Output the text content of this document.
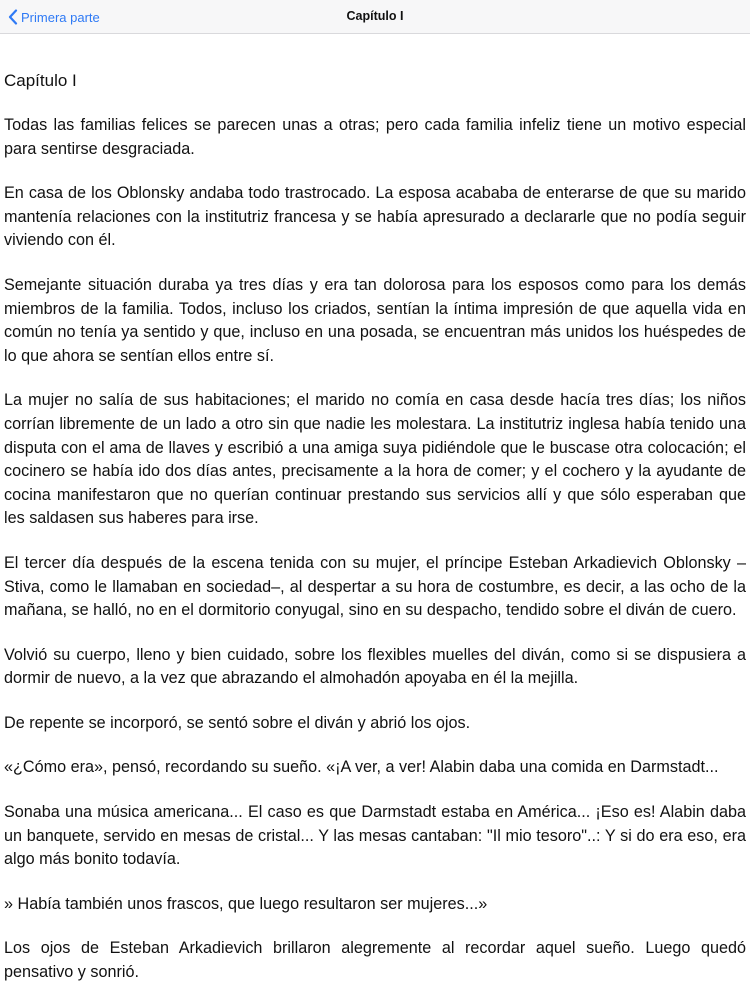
Primera parte	Capítulo I
Capítulo I

Todas las familias felices se parecen unas a otras; pero cada familia infeliz tiene un motivo especial para sentirse desgraciada.

En casa de los Oblonsky andaba todo trastrocado. La esposa acababa de enterarse de que su marido mantenía relaciones con la institutriz francesa y se había apresurado a declararle que no podía seguir viviendo con él.

Semejante situación duraba ya tres días y era tan dolorosa para los esposos como para los demás miembros de la familia. Todos, incluso los criados, sentían la íntima impresión de que aquella vida en común no tenía ya sentido y que, incluso en una posada, se encuentran más unidos los huéspedes de lo que ahora se sentían ellos entre sí.

La mujer no salía de sus habitaciones; el marido no comía en casa desde hacía tres días; los niños corrían libremente de un lado a otro sin que nadie les molestara. La institutriz inglesa había tenido una disputa con el ama de llaves y escribió a una amiga suya pidiéndole que le buscase otra colocación; el cocinero se había ido dos días antes, precisamente a la hora de comer; y el cochero y la ayudante de cocina manifestaron que no querían continuar prestando sus servicios allí y que sólo esperaban que les saldasen sus haberes para irse.

El tercer día después de la escena tenida con su mujer, el príncipe Esteban Arkadievich Oblonsky –Stiva, como le llamaban en sociedad–, al despertar a su hora de costumbre, es decir, a las ocho de la mañana, se halló, no en el dormitorio conyugal, sino en su despacho, tendido sobre el diván de cuero.

Volvió su cuerpo, lleno y bien cuidado, sobre los flexibles muelles del diván, como si se dispusiera a dormir de nuevo, a la vez que abrazando el almohadón apoyaba en él la mejilla.

De repente se incorporó, se sentó sobre el diván y abrió los ojos.

«¿Cómo era», pensó, recordando su sueño. «¡A ver, a ver! Alabin daba una comida en Darmstadt...

Sonaba una música americana... El caso es que Darmstadt estaba en América... ¡Eso es! Alabin daba un banquete, servido en mesas de cristal... Y las mesas cantaban: "Il mio tesoro"..: Y si do era eso, era algo más bonito todavía.

» Había también unos frascos, que luego resultaron ser mujeres...»

Los ojos de Esteban Arkadievich brillaron alegremente al recordar aquel sueño. Luego quedó pensativo y sonrió.
